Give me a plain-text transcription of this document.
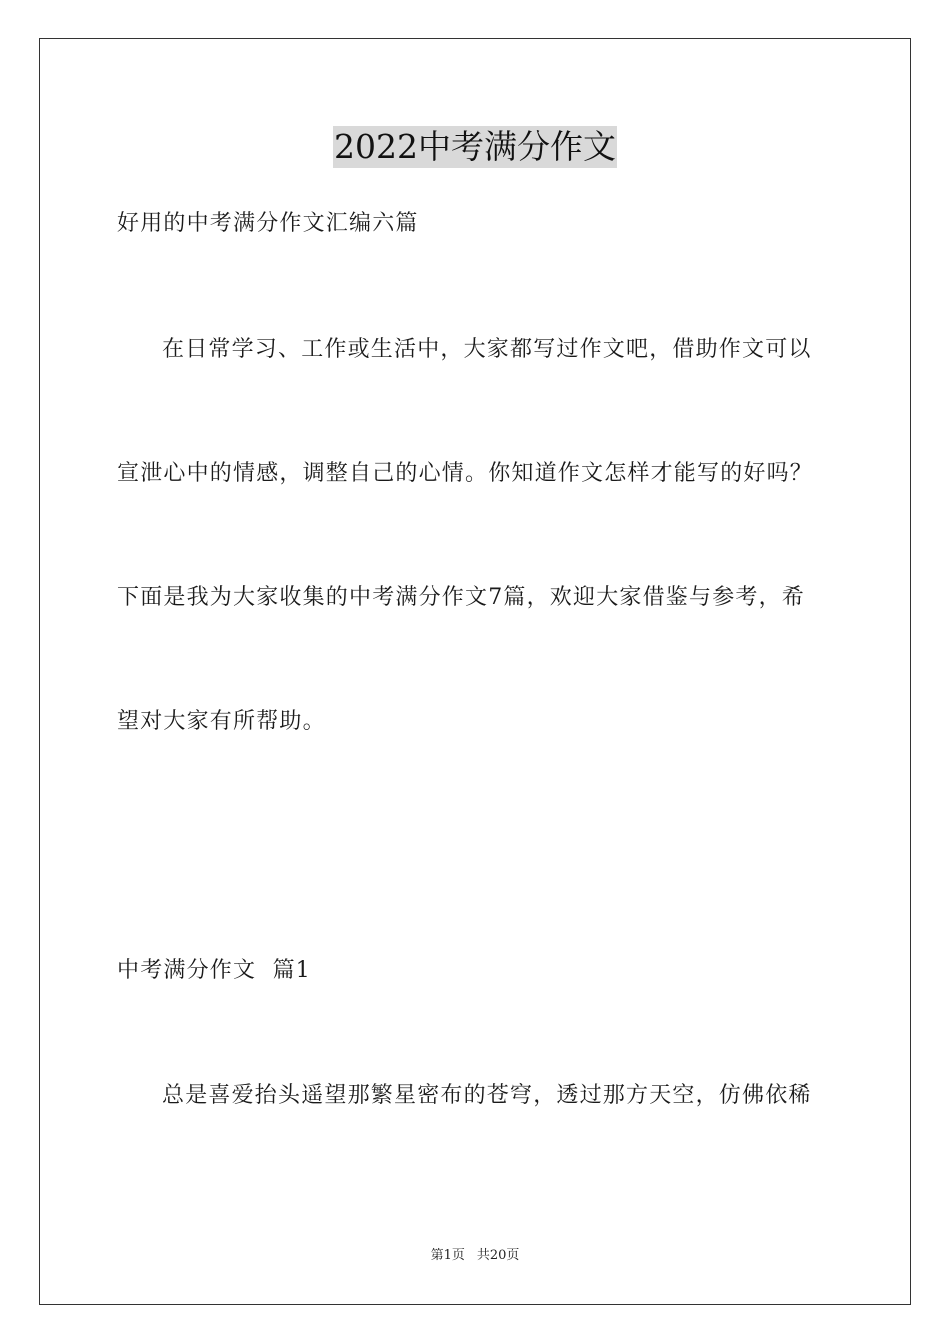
2022中考满分作文
好用的中考满分作文汇编六篇
在日常学习、工作或生活中，大家都写过作文吧，借助作文可以
宣泄心中的情感，调整自己的心情。你知道作文怎样才能写的好吗？
下面是我为大家收集的中考满分作文7篇，欢迎大家借鉴与参考，希
望对大家有所帮助。
中考满分作文  篇1
总是喜爱抬头遥望那繁星密布的苍穹，透过那方天空，仿佛依稀
第1页 共20页
